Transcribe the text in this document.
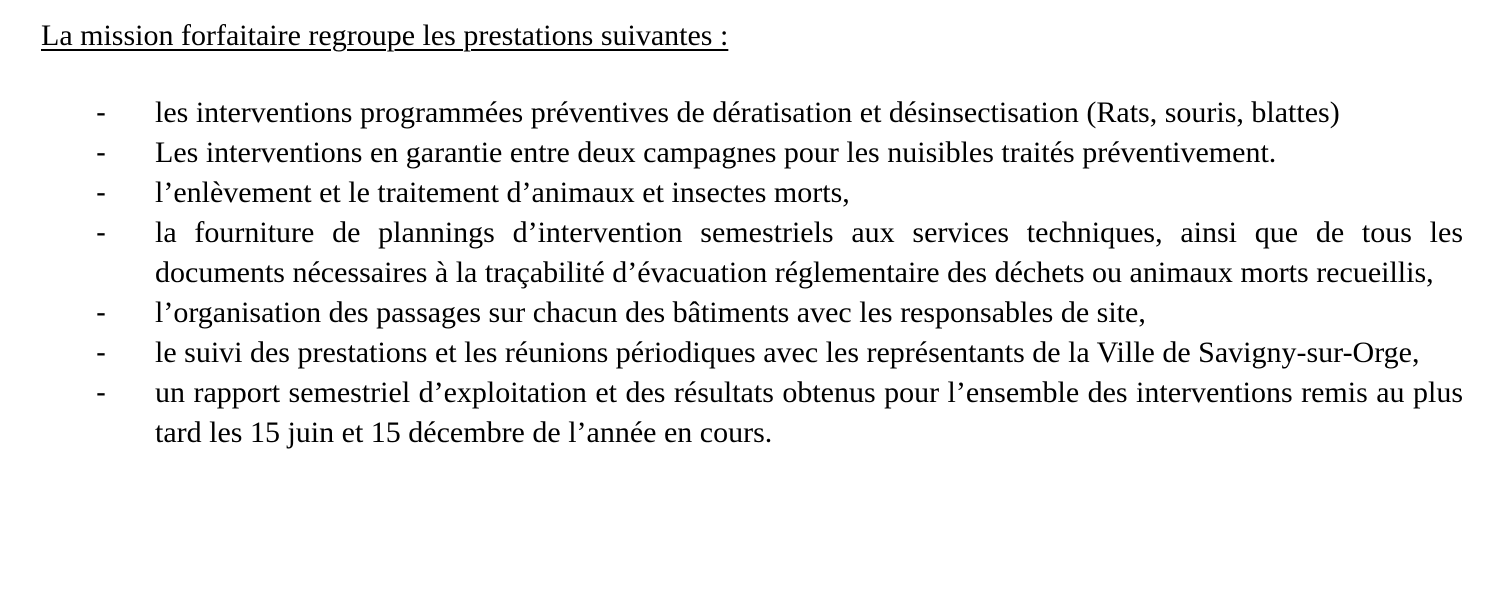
La mission forfaitaire regroupe les prestations suivantes :
- les interventions programmées préventives de dératisation et désinsectisation (Rats, souris, blattes)
- Les interventions en garantie entre deux campagnes pour les nuisibles traités préventivement.
- l’enlèvement et le traitement d’animaux et insectes morts,
- la fourniture de plannings d’intervention semestriels aux services techniques, ainsi que de tous les documents nécessaires à la traçabilité d’évacuation réglementaire des déchets ou animaux morts recueillis,
- l’organisation des passages sur chacun des bâtiments avec les responsables de site,
- le suivi des prestations et les réunions périodiques avec les représentants de la Ville de Savigny-sur-Orge,
- un rapport semestriel d’exploitation et des résultats obtenus pour l’ensemble des interventions remis au plus tard les 15 juin et 15 décembre de l’année en cours.
